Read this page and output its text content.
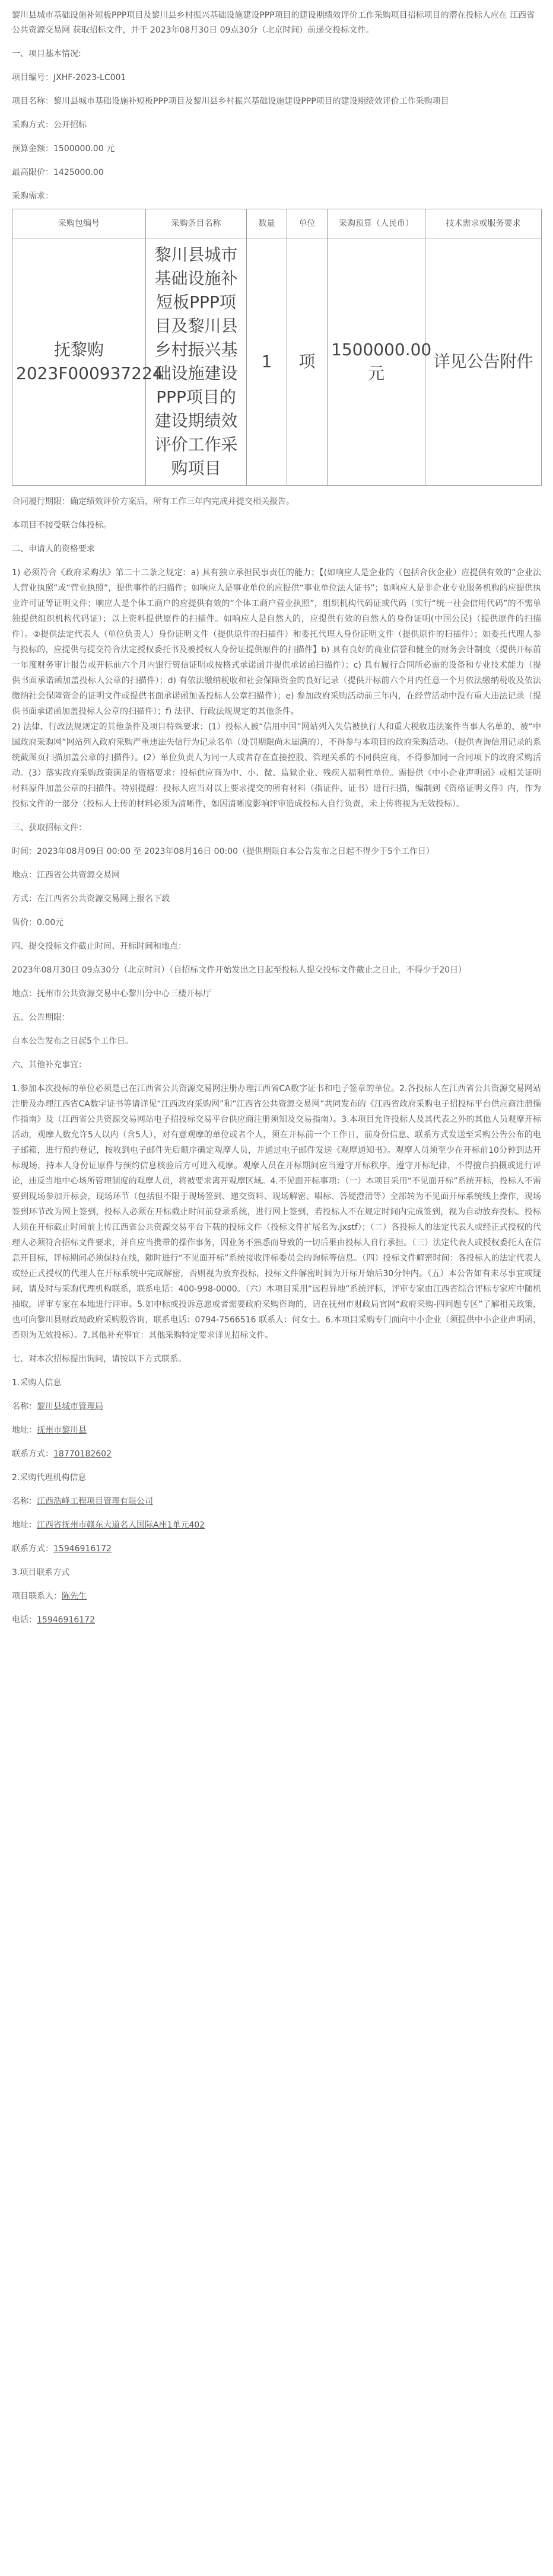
黎川县城市基础设施补短板PPP项目及黎川县乡村振兴基础设施建设PPP项目的建设期绩效评价工作采购项目招标项目的潜在投标人应在 江西省公共资源交易网 获取招标文件，并于 2023年08月30日 09点30分（北京时间）前递交投标文件。

一、项目基本情况:

项目编号：JXHF-2023-LC001

项目名称：黎川县城市基础设施补短板PPP项目及黎川县乡村振兴基础设施建设PPP项目的建设期绩效评价工作采购项目

采购方式：公开招标

预算金额：1500000.00 元

最高限价：1425000.00

采购需求：

采购包编号	采购条目名称	数量	单位	采购预算（人民币）	技术需求或服务要求
抚黎购2023F000937224	黎川县城市基础设施补短板PPP项目及黎川县乡村振兴基础设施建设PPP项目的建设期绩效评价工作采购项目	1	项	1500000.00元	详见公告附件

合同履行期限：确定绩效评价方案后，所有工作三年内完成并提交相关报告。

本项目不接受联合体投标。

二、申请人的资格要求

1) 必须符合《政府采购法》第二十二条之规定：a) 具有独立承担民事责任的能力；【(如响应人是企业的（包括合伙企业）应提供有效的“企业法人营业执照”或“营业执照”，提供事件的扫描件；如响应人是事业单位的应提供“事业单位法人证书”；如响应人是非企业专业服务机构的应提供执业许可证等证明文件；响应人是个体工商户的应提供有效的“个体工商户营业执照”，组织机构代码证或代码（实行“统一社会信用代码”的不需单独提供组织机构代码证）；以上资料提供原件的扫描件。如响应人是自然人的，应提供有效的自然人的身份证明(中国公民)（提供原件的扫描件）。②提供法定代表人（单位负责人）身份证明文件（提供原件的扫描件）和委托代理人身份证明文件（提供原件的扫描件）；如委托代理人参与投标的，应提供与提交符合法定授权委托书及被授权人身份证提供原件的扫描件】b) 具有良好的商业信誉和健全的财务会计制度（提供开标前一年度财务审计报告或开标前六个月内银行资信证明或按格式承诺函并提供承诺函扫描件）；c) 具有履行合同所必需的设备和专业技术能力（提供书面承诺函加盖投标人公章的扫描件）；d) 有依法缴纳税收和社会保障资金的良好记录（提供开标前六个月内任意一个月依法缴纳税收及依法缴纳社会保障资金的证明文件或提供书面承诺函加盖投标人公章扫描件）；e) 参加政府采购活动前三年内，在经营活动中没有重大违法记录（提供书面承诺函加盖投标人公章的扫描件）；f) 法律、行政法规规定的其他条件。

2) 法律、行政法规规定的其他条件及项目特殊要求：(1）投标人被“信用中国”网站列入失信被执行人和重大税收违法案件当事人名单的、被“中国政府采购网”网站列入政府采购严重违法失信行为记录名单（处罚期限尚未届满的），不得参与本项目的政府采购活动。（提供查询信用记录的系统截图页扫描加盖公章的扫描件）。(2）单位负责人为同一人或者存在直接控股、管理关系的不同供应商，不得参加同一合同项下的政府采购活动。(3）落实政府采购政策满足的资格要求：投标供应商为中、小、微、监狱企业、残疾人福利性单位。需提供《中小企业声明函》或相关证明材料原件加盖公章的扫描件。特别提醒：投标人应当对以上要求提交的所有材料（指证件、证书）进行扫描，编制到《资格证明文件》内，作为投标文件的一部分（投标人上传的材料必须为清晰件，如因清晰度影响评审造成投标人自行负责，未上传将视为无效投标）。

三、获取招标文件：

时间：2023年08月09日 00:00 至 2023年08月16日 00:00（提供期限自本公告发布之日起不得少于5个工作日）

地点：江西省公共资源交易网

方式：在江西省公共资源交易网上报名下载

售价：0.00元

四、提交投标文件截止时间、开标时间和地点：

2023年08月30日 09点30分（北京时间）（自招标文件开始发出之日起至投标人提交投标文件截止之日止，不得少于20日）

地点：抚州市公共资源交易中心黎川分中心三楼开标厅

五、公告期限：

自本公告发布之日起5个工作日。

六、其他补充事宜：

1.参加本次投标的单位必须是已在江西省公共资源交易网注册办理江西省CA数字证书和电子签章的单位。2.各投标人在江西省公共资源交易网站注册及办理江西省CA数字证书等请详见“江西政府采购网”和“江西省公共资源交易网”共同发布的《江西省政府采购电子招投标平台供应商注册操作指南》及（江西省公共资源交易网站电子招投标交易平台供应商注册须知及交易指南）。3.本项目允许投标人及其代表之外的其他人员观摩开标活动，观摩人数允许5人以内（含5人），对有意观摩的单位或者个人，须在开标前一个工作日，前身份信息、联系方式发送至采购公告公布的电子邮箱，进行预约登记，按收到电子邮件先后顺序确定观摩人员，并通过电子邮件发送《观摩通知书》。观摩人员须至少在开标前10分钟到达开标现场，持本人身份证原件与预约信息核验后方可进入观摩。观摩人员在开标期间应当遵守开标秩序，遵守开标纪律，不得擅自拍摄或进行评论，违反当地中心场所管理制度的观摩人员，将被要求离开观摩区域。4.不见面开标事项：（一）本项目采用“不见面开标”系统开标，投标人不需要到现场参加开标会，现场环节（包括但不限于现场签到、递交资料、现场解密、唱标、答疑澄清等）全部转为不见面开标系统线上操作，现场签到环节改为网上签到，投标人必须在开标截止时间前登录系统，进行网上签到，若投标人不在规定时间内完成签到，视为自动放弃投标。投标人须在开标截止时间前上传江西省公共资源交易平台下载的投标文件（投标文件扩展名为.jxstf）；（二）各投标人的法定代表人或经正式授权的代理人必须符合招标文件要求，并自应当携带的操作事务，因业务不熟悉而导致的一切后果由投标人自行承担。（三）法定代表人或授权委托人在信息开目标，评标期间必须保持在线，随时进行“不见面开标”系统接收评标委员会的询标等信息。（四）投标文件解密时间：各投标人的法定代表人或经正式授权的代理人在开标系统中完成解密，否则视为放弃投标，投标文件解密时间为开标开始后30分钟内。（五）本公告如有未尽事宜或疑问，请及时与采购代理机构联系，联系电话：400-998-0000。（六）本项目采用“远程异地”系统评标，评审专家由江西省综合评标专家库中随机抽取，评审专家在本地进行评审。5.如申标或投诉意愿或者需要政府采购咨询的，请在抚州市财政局官网“政府采购-四问题专区”了解相关政策，也可向黎川县财政局政府采购股咨询，联系电话：0794-7566516 联系人：何女士。6.本项目采购专门面向中小企业（须提供中小企业声明函，否则为无效投标）。7.其他补充事宜：其他采购特定要求详见招标文件。

七、对本次招标提出询问，请按以下方式联系。

1.采购人信息

名称：黎川县城市管理局

地址：抚州市黎川县

联系方式：18770182602

2.采购代理机构信息

名称：江西浩峰工程项目管理有限公司

地址：江西省抚州市赣东大道名人国际A座1单元402

联系方式：15946916172

3.项目联系方式

项目联系人：陈先生

电话：15946916172
